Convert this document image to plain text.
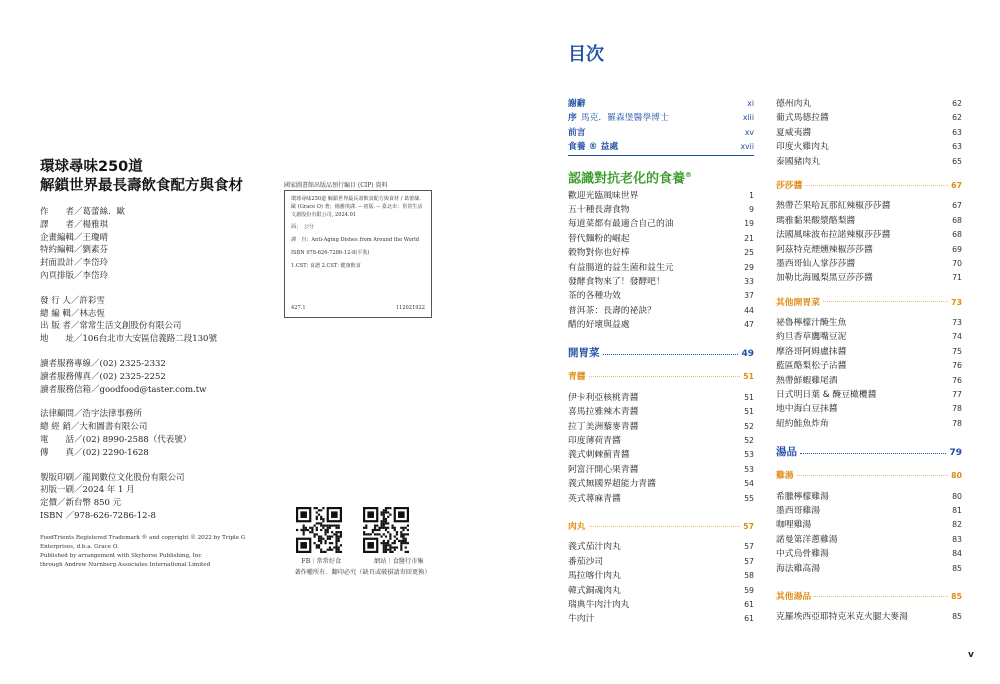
環球尋味250道
解鎖世界最長壽飲食配方與食材
作　　者／葛蕾絲．歐
譯　　者／楊雅琪
企畫編輯／王瓊晴
特約編輯／劉素芬
封面設計／李岱玲
內頁排版／李岱玲
發 行 人／許彩雪
總 編 輯／林志恆
出 版 者／常常生活文創股份有限公司
地　　址／106台北市大安區信義路二段130號
讀者服務專線／(02) 2325-2332
讀者服務傳真／(02) 2325-2252
讀者服務信箱／goodfood@taster.com.tw
法律顧問／浩宇法律事務所
總 經 銷／大和圖書有限公司
電　　話／(02) 8990-2588（代表號）
傳　　真／(02) 2290-1628
製版印刷／龍岡數位文化股份有限公司
初版一刷／2024 年 1 月
定價／新台幣 850 元
ISBN ／978-626-7286-12-8
FoodTrients Registered Trademark ® and copyright © 2022 by Triple G
Enterprises, d.b.a. Grace O.
Published by arrangement with Skyhorse Publishing, Inc
through Andrew Nurnberg Associates International Limited
國家圖書館出版品預行編目 (CIP) 資料
環球尋味250道 解鎖世界最長壽飲食配方與食材 / 葛蕾絲．歐 (Grace O) 著；楊雅琪譯. -- 初版. -- 臺北市：常常生活文創股份有限公司, 2024.01
面；　公分
譯　自：Anti-Aging Dishes from Around the World
ISBN 978-626-7286-12-8(平裝)
1.CST: 食譜 2.CST: 健康飲食
427.1	112021922
FB｜常常好食	網站｜食醫行市集
著作權所有．翻印必究（缺頁或破損請寄回更換）
目次
謝辭	xi
序 馬克．羅森堡醫學博士	xiii
前言	xv
食養 ® 益處	xvii
認識對抗老化的食養®
歡迎光臨風味世界	1
五十種長壽食物	9
每道菜都有最適合自己的油	19
替代麵粉的崛起	21
穀物對你也好棒	25
有益腸道的益生菌和益生元	29
發酵食物來了！發酵吧！	33
茶的各種功效	37
普洱茶：長壽的祕訣？	44
醋的好壞與益處	47
開胃菜	49
青醬	51
伊卡利亞核桃青醬	51
喜馬拉雅辣木青醬	51
拉丁美洲藜麥青醬	52
印度薄荷青醬	52
義式刺棘薊青醬	53
阿富汗開心果青醬	53
義式無國界超能力青醬	54
英式蕁麻青醬	55
肉丸	57
義式茄汁肉丸	57
番茄沙司	57
馬拉喀什肉丸	58
韓式銅魂肉丸	59
瑞典牛肉汁肉丸	61
牛肉汁	61
德州肉丸	62
葡式馬德拉醬	62
夏威夷醬	63
印度火雞肉丸	63
泰國豬肉丸	65
莎莎醬	67
熱帶芒果哈瓦那紅辣椒莎莎醬	67
瑪雅黏果酸漿酪梨醬	68
法國風味波布拉諾辣椒莎莎醬	68
阿茲特克煙燻辣椒莎莎醬	69
墨西哥仙人掌莎莎醬	70
加勒比海鳳梨黑豆莎莎醬	71
其他開胃菜	73
祕魯檸檬汁醃生魚	73
約旦香草鷹嘴豆泥	74
摩洛哥阿姆盧抹醬	75
藍區酪梨松子沾醬	76
熱帶鮮蝦雞尾酒	76
日式明日葉 & 醃豆橄欖醬	77
地中海白豆抹醬	78
紐約鮭魚炸角	78
湯品	79
雞湯	80
希臘檸檬雞湯	80
墨西哥雞湯	81
咖哩雞湯	82
諾曼第洋蔥雞湯	83
中式烏骨雞湯	84
海法雞高湯	85
其他湯品	85
克羅埃西亞耶特克米克火腿大麥湯	85
v
